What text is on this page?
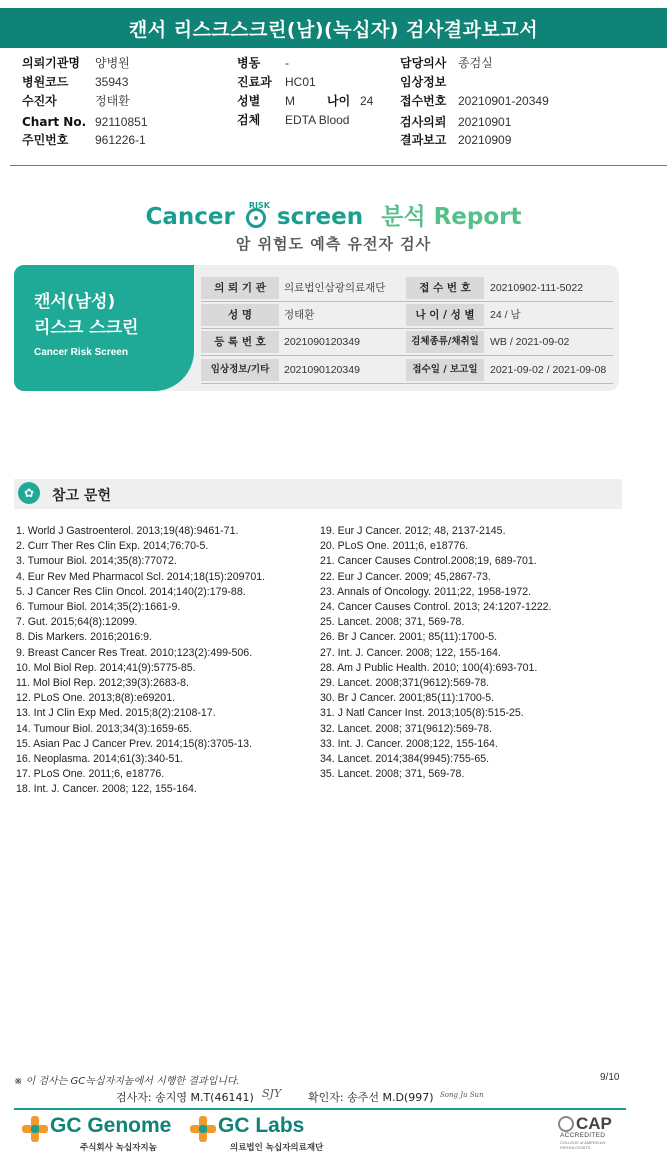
캔서 리스크스크린(남)(녹십자) 검사결과보고서
의뢰기관명 양병원
병원코드 35943
수진자	정태환
Chart No. 92110851
주민번호 961226-1
병동 -
진료과 HC01
성별 M	나이 24
검체 EDTA Blood
담당의사 종검실
임상정보
접수번호 20210901-20349
검사의뢰 20210901
결과보고 20210909
Cancer RISK screen 분석 Report
암 위험도 예측 유전자 검사
캔서(남성)
리스크 스크린
Cancer Risk Screen
의 뢰 기 관	의료법인삼광의료재단	접 수 번 호	20210902-111-5022
성 명	정태환	나 이 / 성 별	24 / 남
등 록 번 호	2021090120349	검체종류/채취일	WB / 2021-09-02
임상정보/기타	2021090120349	접수일 / 보고일	2021-09-02 / 2021-09-08
✿	참고 문헌
1. World J Gastroenterol. 2013;19(48):9461-71.
2. Curr Ther Res Clin Exp. 2014;76:70-5.
3. Tumour Biol. 2014;35(8):77072.
4. Eur Rev Med Pharmacol Scl. 2014;18(15):209701.
5. J Cancer Res Clin Oncol. 2014;140(2):179-88.
6. Tumour Biol. 2014;35(2):1661-9.
7. Gut. 2015;64(8):12099.
8. Dis Markers. 2016;2016:9.
9. Breast Cancer Res Treat. 2010;123(2):499-506.
10. Mol Biol Rep. 2014;41(9):5775-85.
11. Mol Biol Rep. 2012;39(3):2683-8.
12. PLoS One. 2013;8(8):e69201.
13. Int J Clin Exp Med. 2015;8(2):2108-17.
14. Tumour Biol. 2013;34(3):1659-65.
15. Asian Pac J Cancer Prev. 2014;15(8):3705-13.
16. Neoplasma. 2014;61(3):340-51.
17. PLoS One. 2011;6, e18776.
18. Int. J. Cancer. 2008; 122, 155-164.
19. Eur J Cancer. 2012; 48, 2137-2145.
20. PLoS One. 2011;6, e18776.
21. Cancer Causes Control.2008;19, 689-701.
22. Eur J Cancer. 2009; 45,2867-73.
23. Annals of Oncology. 2011;22, 1958-1972.
24. Cancer Causes Control. 2013; 24:1207-1222.
25. Lancet. 2008; 371, 569-78.
26. Br J Cancer. 2001; 85(11):1700-5.
27. Int. J. Cancer. 2008; 122, 155-164.
28. Am J Public Health. 2010; 100(4):693-701.
29. Lancet. 2008;371(9612):569-78.
30. Br J Cancer. 2001;85(11):1700-5.
31. J Natl Cancer Inst. 2013;105(8):515-25.
32. Lancet. 2008; 371(9612):569-78.
33. Int. J. Cancer. 2008;122, 155-164.
34. Lancet. 2014;384(9945):755-65.
35. Lancet. 2008; 371, 569-78.
※ 이 검사는 GC녹십자지놈에서 시행한 결과입니다.	9/10
검사자: 송지영 M.T(46141) SJY 확인자: 송주선 M.D(997) Song Ju Sun
GC Genome
주식회사 녹십자지놈
GC Labs
의료법인 녹십자의료재단
CAP
ACCREDITED
COLLEGE of AMERICAN PATHOLOGISTS
